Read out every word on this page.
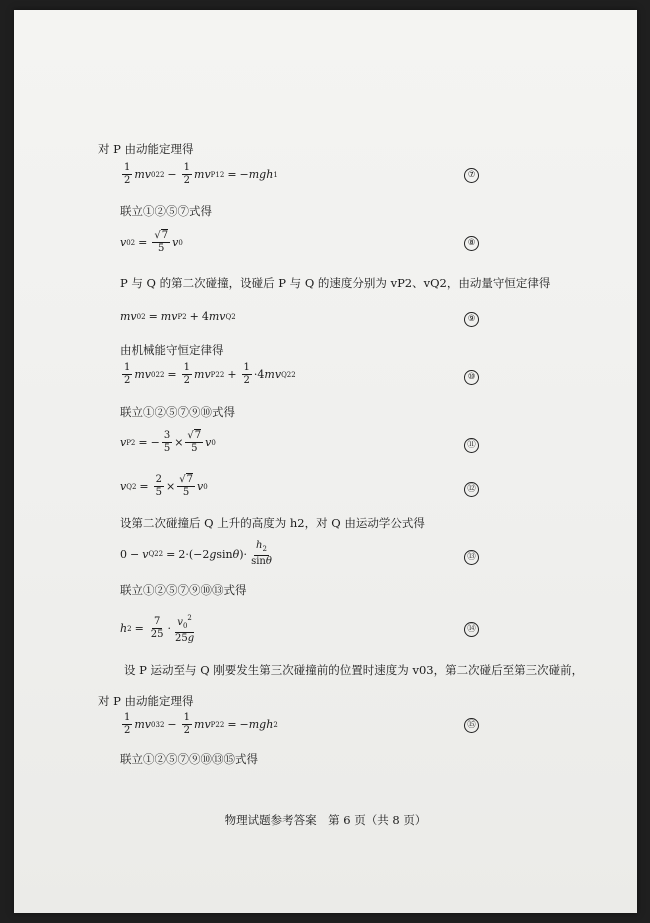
对 P 由动能定理得
$\frac{1}{2}$ mv 02 $2 - \frac{1}{2}$ mv P1 2 = − mgh 1	⑦
联立①②⑤⑦式得
v $02 = \frac{√7}{5}$ v 0	⑧
P 与 Q 的第二次碰撞，设碰后 P 与 Q 的速度分别为 vP2、vQ2，由动量守恒定律得
mv 02 = mv P2 + 4 mv Q2	⑨
由机械能守恒定律得
$\frac{1}{2}$ mv 02 $2 = \frac{1}{2}$ mv P2 $2 + \frac{1}{2} \cdot 4$ mv Q2 2	⑩
联立①②⑤⑦⑨⑩式得
v P2 = − $\frac{3}{5} \times \frac{√7}{5}$ v 0	⑪
v $Q2 = \frac{2}{5} \times \frac{√7}{5}$ v 0	⑫
设第二次碰撞后 Q 上升的高度为 h2，对 Q 由运动学公式得
0 − v Q2 2 = 2·(−2 g sin θ )· $\frac{h_2}{\sin\theta}$	⑬
联立①②⑤⑦⑨⑩⑬式得
h $2 = \frac{7}{25} \cdot \frac{v_0^2}{25g}$	⑭
设 P 运动至与 Q 刚要发生第三次碰撞前的位置时速度为 v03，第二次碰后至第三次碰前，
对 P 由动能定理得
$\frac{1}{2}$ mv 03 $2 - \frac{1}{2}$ mv P2 2 = − mgh 2	⑮
联立①②⑤⑦⑨⑩⑬⑮式得
物理试题参考答案　第 6 页（共 8 页）
